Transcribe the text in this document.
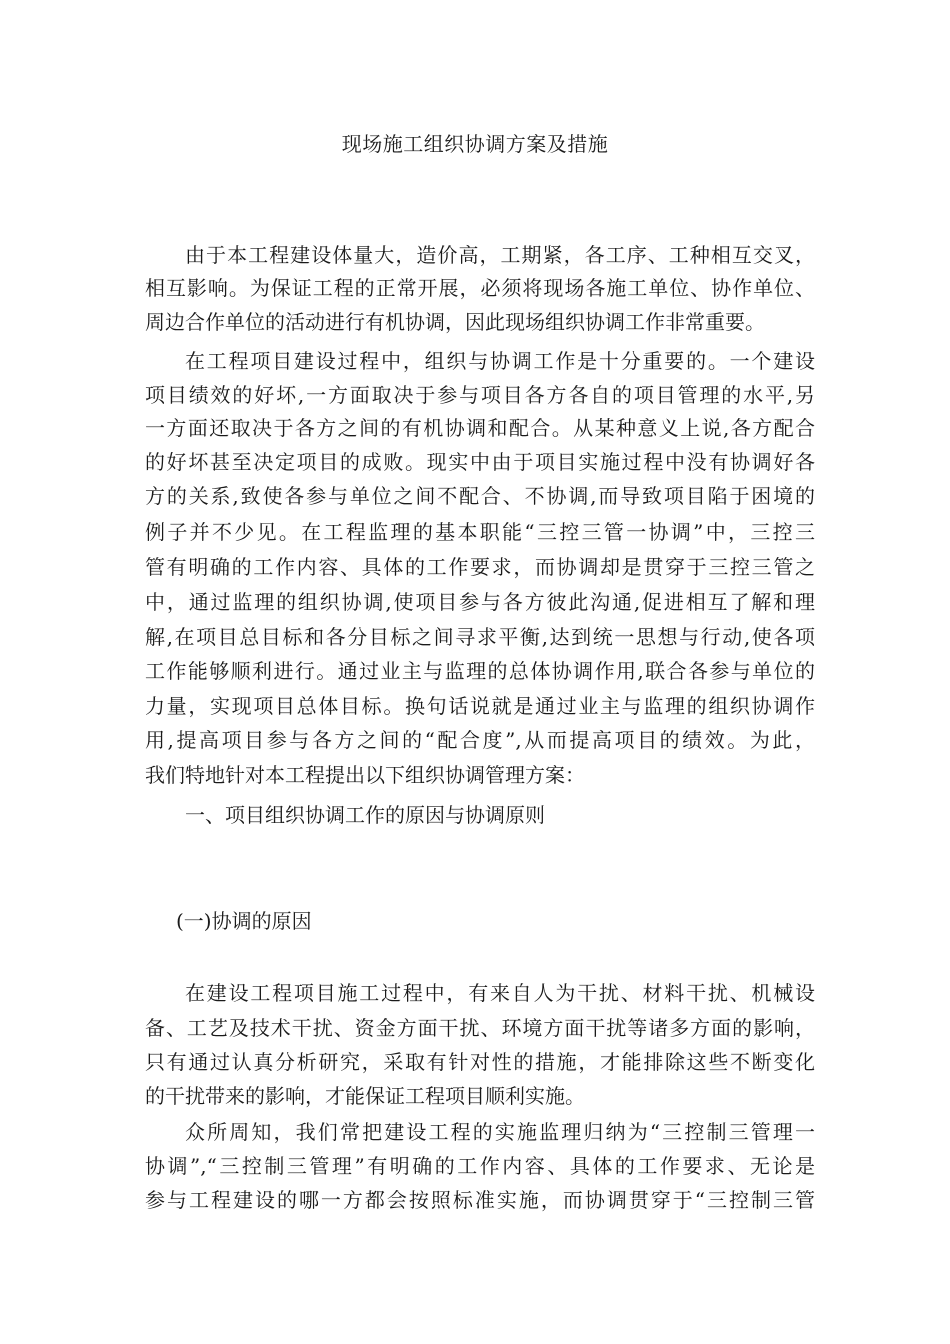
现场施工组织协调方案及措施
由于本工程建设体量大，造价高，工期紧，各工序、工种相互交叉，
相互影响。为保证工程的正常开展，必须将现场各施工单位、协作单位、
周边合作单位的活动进行有机协调，因此现场组织协调工作非常重要。
在工程项目建设过程中，组织与协调工作是十分重要的。一个建设
项目绩效的好坏,一方面取决于参与项目各方各自的项目管理的水平,另
一方面还取决于各方之间的有机协调和配合。从某种意义上说,各方配合
的好坏甚至决定项目的成败。现实中由于项目实施过程中没有协调好各
方的关系,致使各参与单位之间不配合、不协调,而导致项目陷于困境的
例子并不少见。在工程监理的基本职能“三控三管一协调”中，三控三
管有明确的工作内容、具体的工作要求，而协调却是贯穿于三控三管之
中，通过监理的组织协调,使项目参与各方彼此沟通,促进相互了解和理
解,在项目总目标和各分目标之间寻求平衡,达到统一思想与行动,使各项
工作能够顺利进行。通过业主与监理的总体协调作用,联合各参与单位的
力量，实现项目总体目标。换句话说就是通过业主与监理的组织协调作
用,提高项目参与各方之间的“配合度”,从而提高项目的绩效。为此，
我们特地针对本工程提出以下组织协调管理方案：
一、项目组织协调工作的原因与协调原则
(一)协调的原因
在建设工程项目施工过程中，有来自人为干扰、材料干扰、机械设
备、工艺及技术干扰、资金方面干扰、环境方面干扰等诸多方面的影响，
只有通过认真分析研究，采取有针对性的措施，才能排除这些不断变化
的干扰带来的影响，才能保证工程项目顺利实施。
众所周知，我们常把建设工程的实施监理归纳为“三控制三管理一
协调”,“三控制三管理”有明确的工作内容、具体的工作要求、无论是
参与工程建设的哪一方都会按照标准实施，而协调贯穿于“三控制三管
